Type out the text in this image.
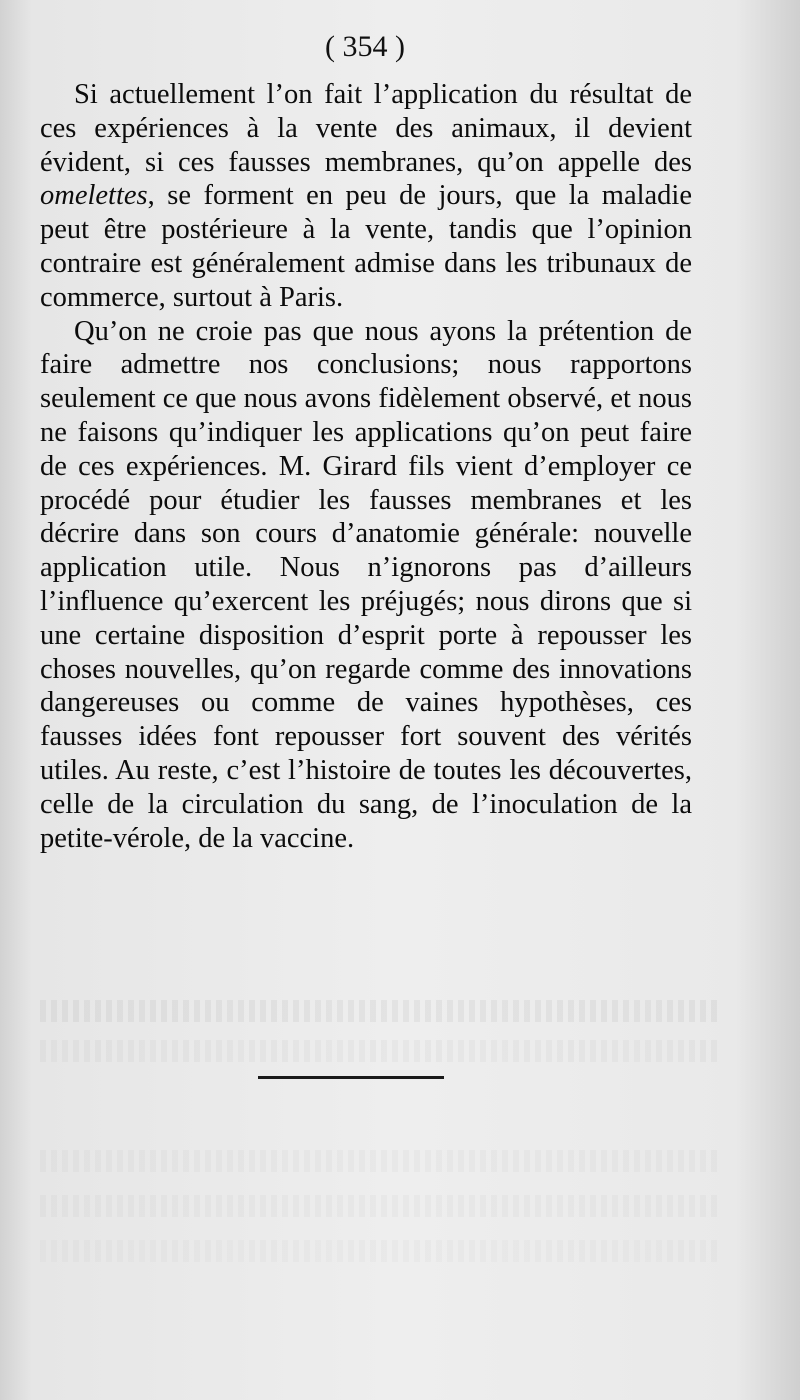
( 354 )

Si actuellement l’on fait l’application du résultat de ces expériences à la vente des animaux, il devient évident, si ces fausses membranes, qu’on appelle des omelettes, se forment en peu de jours, que la maladie peut être postérieure à la vente, tandis que l’opinion contraire est généralement admise dans les tribunaux de commerce, surtout à Paris.

Qu’on ne croie pas que nous ayons la prétention de faire admettre nos conclusions; nous rapportons seulement ce que nous avons fidèlement observé, et nous ne faisons qu’indiquer les applications qu’on peut faire de ces expériences. M. Girard fils vient d’employer ce procédé pour étudier les fausses membranes et les décrire dans son cours d’anatomie générale: nouvelle application utile. Nous n’ignorons pas d’ailleurs l’influence qu’exercent les préjugés; nous dirons que si une certaine disposition d’esprit porte à repousser les choses nouvelles, qu’on regarde comme des innovations dangereuses ou comme de vaines hypothèses, ces fausses idées font repousser fort souvent des vérités utiles. Au reste, c’est l’histoire de toutes les découvertes, celle de la circulation du sang, de l’inoculation de la petite-vérole, de la vaccine.
